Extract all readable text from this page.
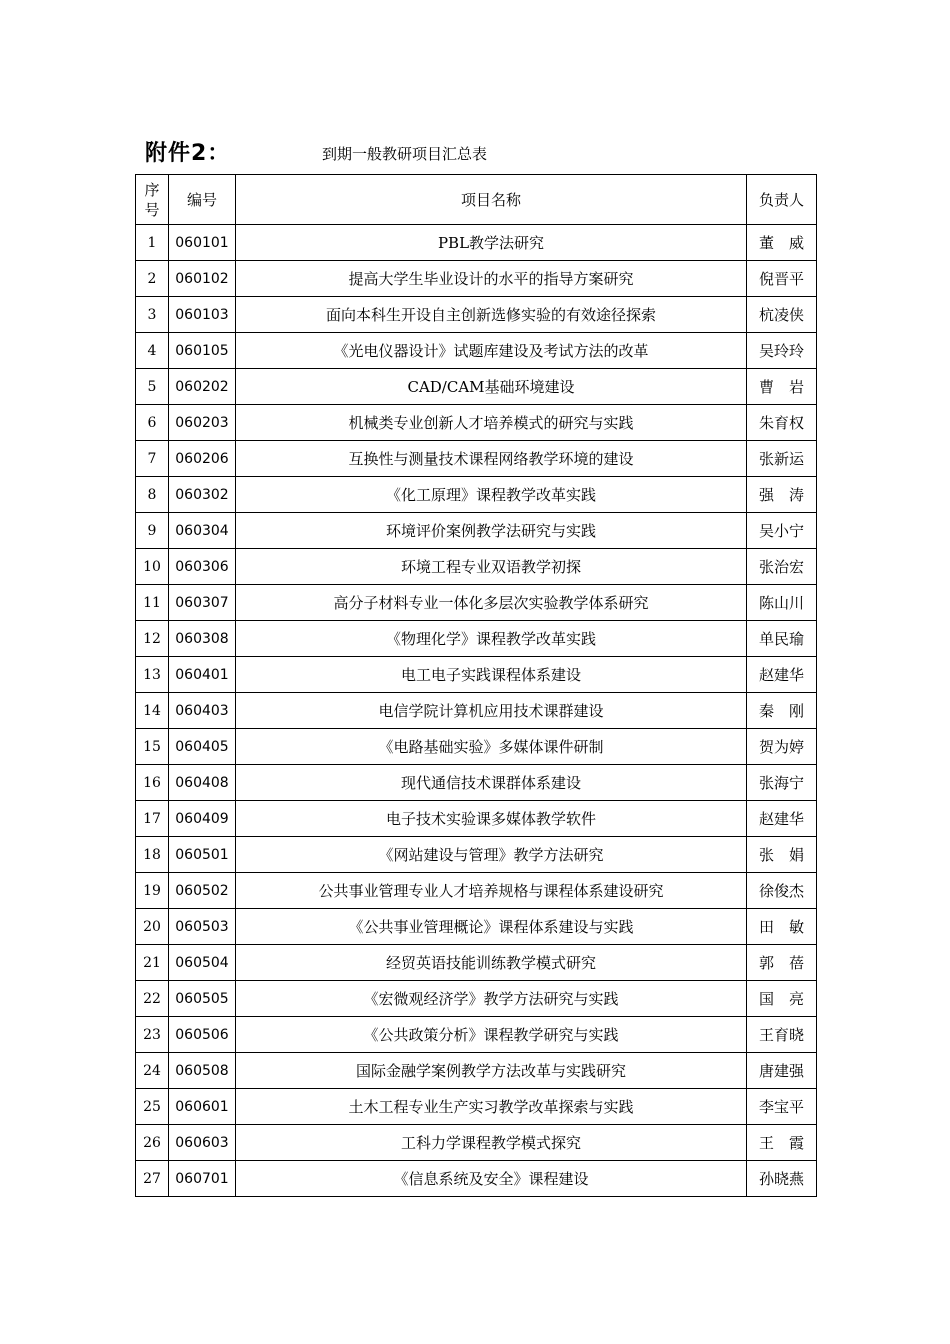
附件2：	到期一般教研项目汇总表
序号	编号	项目名称	负责人
1	060101	PBL教学法研究	董　威
2	060102	提高大学生毕业设计的水平的指导方案研究	倪晋平
3	060103	面向本科生开设自主创新选修实验的有效途径探索	杭凌侠
4	060105	《光电仪器设计》试题库建设及考试方法的改革	吴玲玲
5	060202	CAD/CAM基础环境建设	曹　岩
6	060203	机械类专业创新人才培养模式的研究与实践	朱育权
7	060206	互换性与测量技术课程网络教学环境的建设	张新运
8	060302	《化工原理》课程教学改革实践	强　涛
9	060304	环境评价案例教学法研究与实践	吴小宁
10	060306	环境工程专业双语教学初探	张治宏
11	060307	高分子材料专业一体化多层次实验教学体系研究	陈山川
12	060308	《物理化学》课程教学改革实践	单民瑜
13	060401	电工电子实践课程体系建设	赵建华
14	060403	电信学院计算机应用技术课群建设	秦　刚
15	060405	《电路基础实验》多媒体课件研制	贺为婷
16	060408	现代通信技术课群体系建设	张海宁
17	060409	电子技术实验课多媒体教学软件	赵建华
18	060501	《网站建设与管理》教学方法研究	张　娟
19	060502	公共事业管理专业人才培养规格与课程体系建设研究	徐俊杰
20	060503	《公共事业管理概论》课程体系建设与实践	田　敏
21	060504	经贸英语技能训练教学模式研究	郭　蓓
22	060505	《宏微观经济学》教学方法研究与实践	国　亮
23	060506	《公共政策分析》课程教学研究与实践	王育晓
24	060508	国际金融学案例教学方法改革与实践研究	唐建强
25	060601	土木工程专业生产实习教学改革探索与实践	李宝平
26	060603	工科力学课程教学模式探究	王　霞
27	060701	《信息系统及安全》课程建设	孙晓燕
